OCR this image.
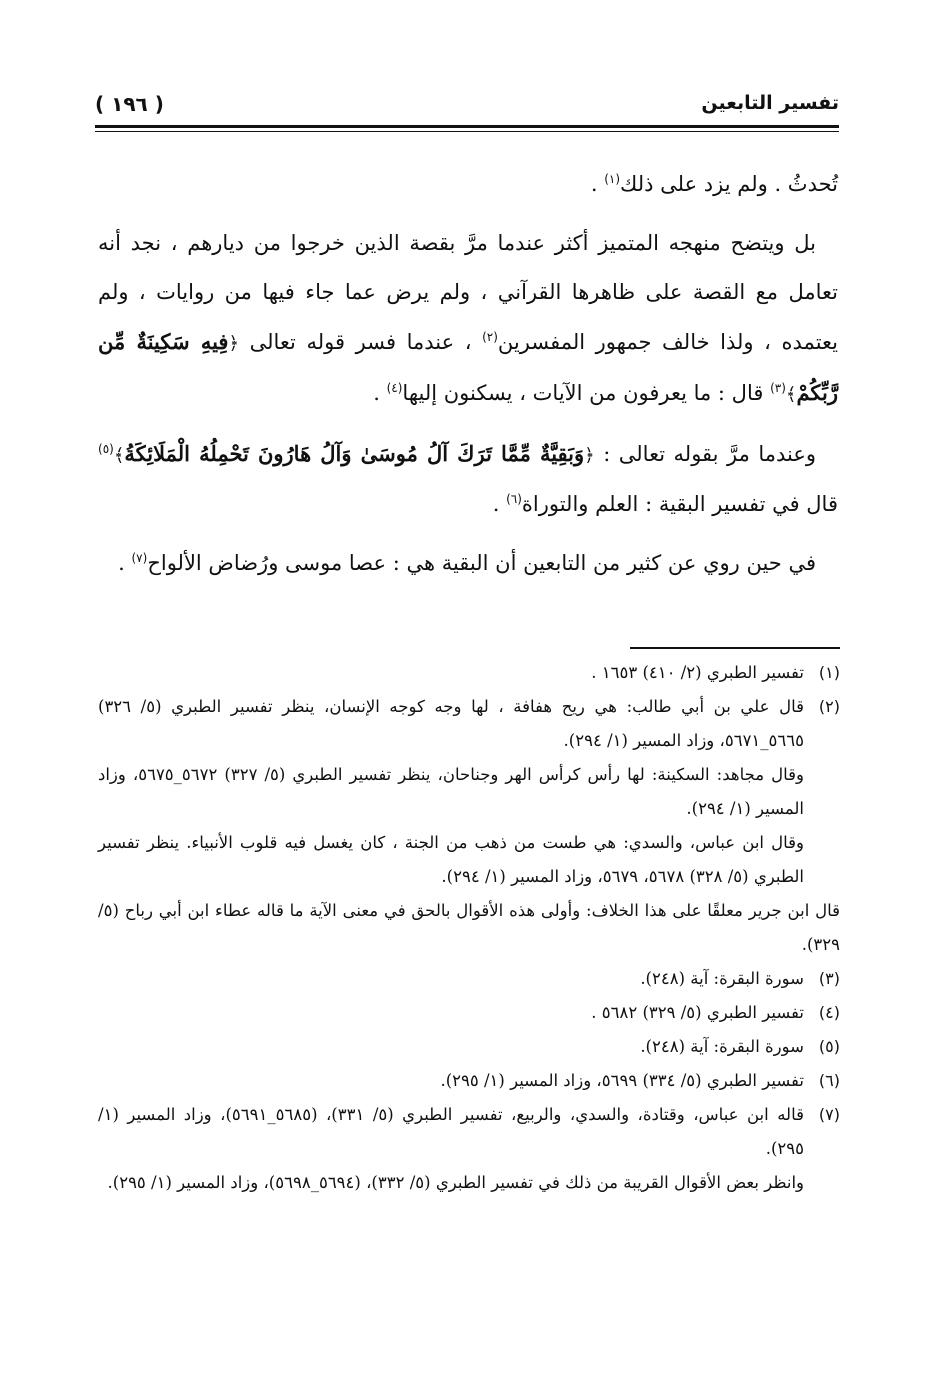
تفسير التابعين
( ١٩٦ )

تُحدثُ . ولم يزد على ذلك$^{(١)}$ .

بل ويتضح منهجه المتميز أكثر عندما مرَّ بقصة الذين خرجوا من ديارهم ، نجد أنه تعامل مع القصة على ظاهرها القرآني ، ولم يرض عما جاء فيها من روايات ، ولم يعتمده ، ولذا خالف جمهور المفسرين$^{(٢)}$ ، عندما فسر قوله تعالى ﴿فِيهِ سَكِينَةٌ مِّن رَّبِّكُمْ﴾$^{(٣)}$ قال : ما يعرفون من الآيات ، يسكنون إليها$^{(٤)}$ .

وعندما مرَّ بقوله تعالى : ﴿وَبَقِيَّةٌ مِّمَّا تَرَكَ آلُ مُوسَىٰ وَآلُ هَارُونَ تَحْمِلُهُ الْمَلَائِكَةُ﴾$^{(٥)}$ قال في تفسير البقية : العلم والتوراة$^{(٦)}$ .

في حين روي عن كثير من التابعين أن البقية هي : عصا موسى ورُضاض الألواح$^{(٧)}$ .

(١)

تفسير الطبري (٢/ ٤١٠) ١٦٥٣ .

(٢)

قال علي بن أبي طالب: هي ريح هفافة ، لها وجه كوجه الإنسان، ينظر تفسير الطبري (٥/ ٣٢٦) ٥٦٦٥_٥٦٧١، وزاد المسير (١/ ٢٩٤).

وقال مجاهد: السكينة: لها رأس كرأس الهر وجناحان، ينظر تفسير الطبري (٥/ ٣٢٧) ٥٦٧٢_٥٦٧٥، وزاد المسير (١/ ٢٩٤).

وقال ابن عباس، والسدي: هي طست من ذهب من الجنة ، كان يغسل فيه قلوب الأنبياء. ينظر تفسير الطبري (٥/ ٣٢٨) ٥٦٧٨، ٥٦٧٩، وزاد المسير (١/ ٢٩٤).

قال ابن جرير معلقًا على هذا الخلاف: وأولى هذه الأقوال بالحق في معنى الآية ما قاله عطاء ابن أبي رباح (٥/ ٣٢٩).

(٣)

سورة البقرة: آية (٢٤٨).

(٤)

تفسير الطبري (٥/ ٣٢٩) ٥٦٨٢ .

(٥)

سورة البقرة: آية (٢٤٨).

(٦)

تفسير الطبري (٥/ ٣٣٤) ٥٦٩٩، وزاد المسير (١/ ٢٩٥).

(٧)

قاله ابن عباس، وقتادة، والسدي، والربيع، تفسير الطبري (٥/ ٣٣١)، (٥٦٨٥_٥٦٩١)، وزاد المسير (١/ ٢٩٥).

وانظر بعض الأقوال القريبة من ذلك في تفسير الطبري (٥/ ٣٣٢)، (٥٦٩٤_٥٦٩٨)، وزاد المسير (١/ ٢٩٥).
